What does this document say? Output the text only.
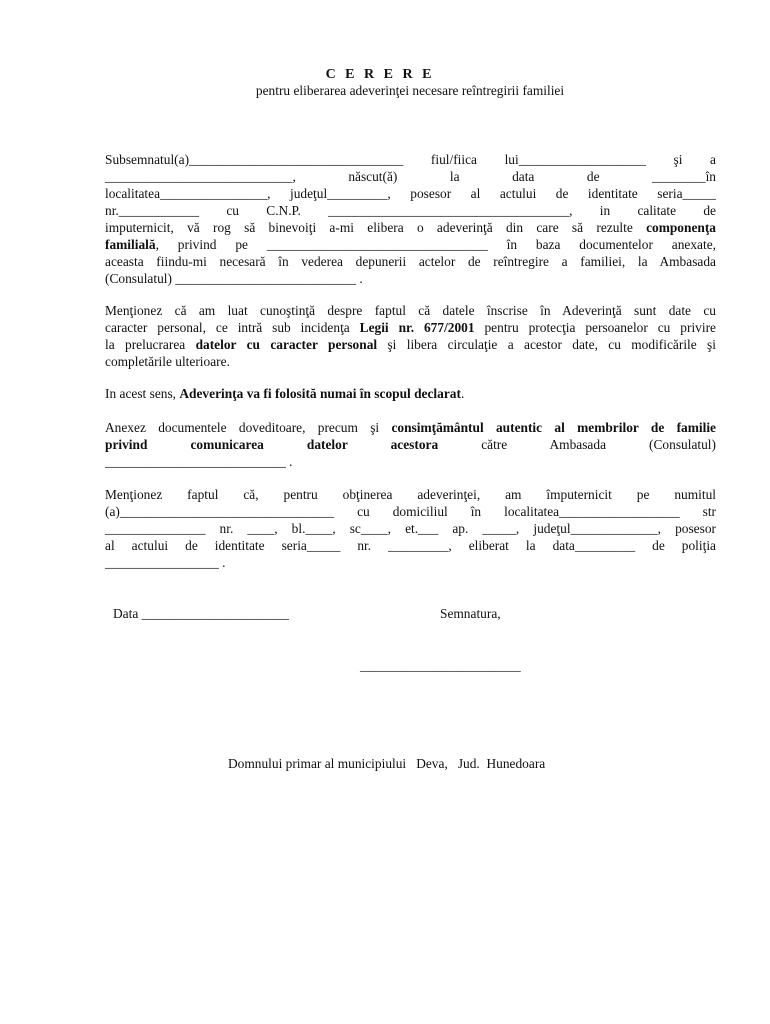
C E R E R E
pentru eliberarea adeverinţei necesare reîntregirii familiei
Subsemnatul(a)________________________________ fiul/fiica lui___________________ şi a
____________________________, născut(ă) la data de ________în
localitatea________________, judeţul_________, posesor al actului de identitate seria_____
nr.____________ cu C.N.P. ____________________________________, in calitate de
imputernicit, vă rog să binevoiţi a-mi elibera o adeverinţă din care să rezulte componenţa
familială, privind pe _________________________________ în baza documentelor anexate,
aceasta fiindu-mi necesară în vederea depunerii actelor de reîntregire a familiei, la Ambasada
(Consulatul) ___________________________ .
Menţionez că am luat cunoştinţă despre faptul că datele înscrise în Adeverinţă sunt date cu
caracter personal, ce intră sub incidenţa Legii nr. 677/2001 pentru protecţia persoanelor cu privire
la prelucrarea datelor cu caracter personal şi libera circulaţie a acestor date, cu modificările şi
completările ulterioare.
In acest sens, Adeverinţa va fi folosită numai în scopul declarat.
Anexez documentele doveditoare, precum şi consimţământul autentic al membrilor de familie
privind comunicarea datelor acestora către Ambasada (Consulatul)
___________________________ .
Menţionez faptul că, pentru obţinerea adeverinţei, am împuternicit pe numitul
(a)________________________________ cu domiciliul în localitatea__________________ str
_______________ nr. ____, bl.____, sc____, et.___ ap. _____, judeţul_____________, posesor
al actului de identitate seria_____ nr. _________, eliberat la data_________ de poliţia
_________________ .
Data ______________________	Semnatura,
________________________
Domnului primar al municipiului   Deva,   Jud.  Hunedoara
